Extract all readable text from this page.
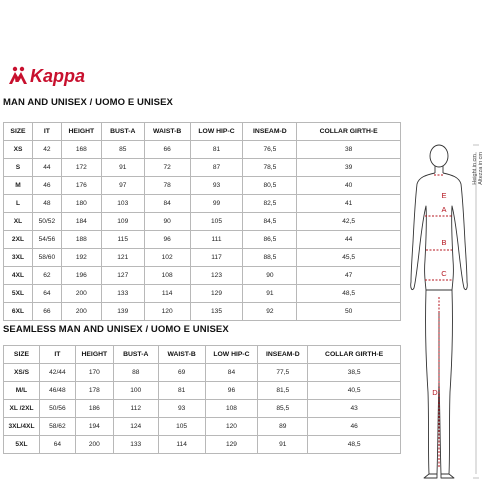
Kappa
MAN AND UNISEX / UOMO E UNISEX
SIZE	IT	HEIGHT	BUST-A	WAIST-B	LOW HIP-C	INSEAM-D	COLLAR GIRTH-E
XS	42	168	85	66	81	76,5	38
S	44	172	91	72	87	78,5	39
M	46	176	97	78	93	80,5	40
L	48	180	103	84	99	82,5	41
XL	50/52	184	109	90	105	84,5	42,5
2XL	54/56	188	115	96	111	86,5	44
3XL	58/60	192	121	102	117	88,5	45,5
4XL	62	196	127	108	123	90	47
5XL	64	200	133	114	129	91	48,5
6XL	66	200	139	120	135	92	50
SEAMLESS MAN AND UNISEX / UOMO E UNISEX
SIZE	IT	HEIGHT	BUST-A	WAIST-B	LOW HIP-C	INSEAM-D	COLLAR GIRTH-E
XS/S	42/44	170	88	69	84	77,5	38,5
M/L	46/48	178	100	81	96	81,5	40,5
XL /2XL	50/56	186	112	93	108	85,5	43
3XL/4XL	58/62	194	124	105	120	89	46
5XL	64	200	133	114	129	91	48,5
E
A
B
C
D
Height in cm
Altezza in cm
